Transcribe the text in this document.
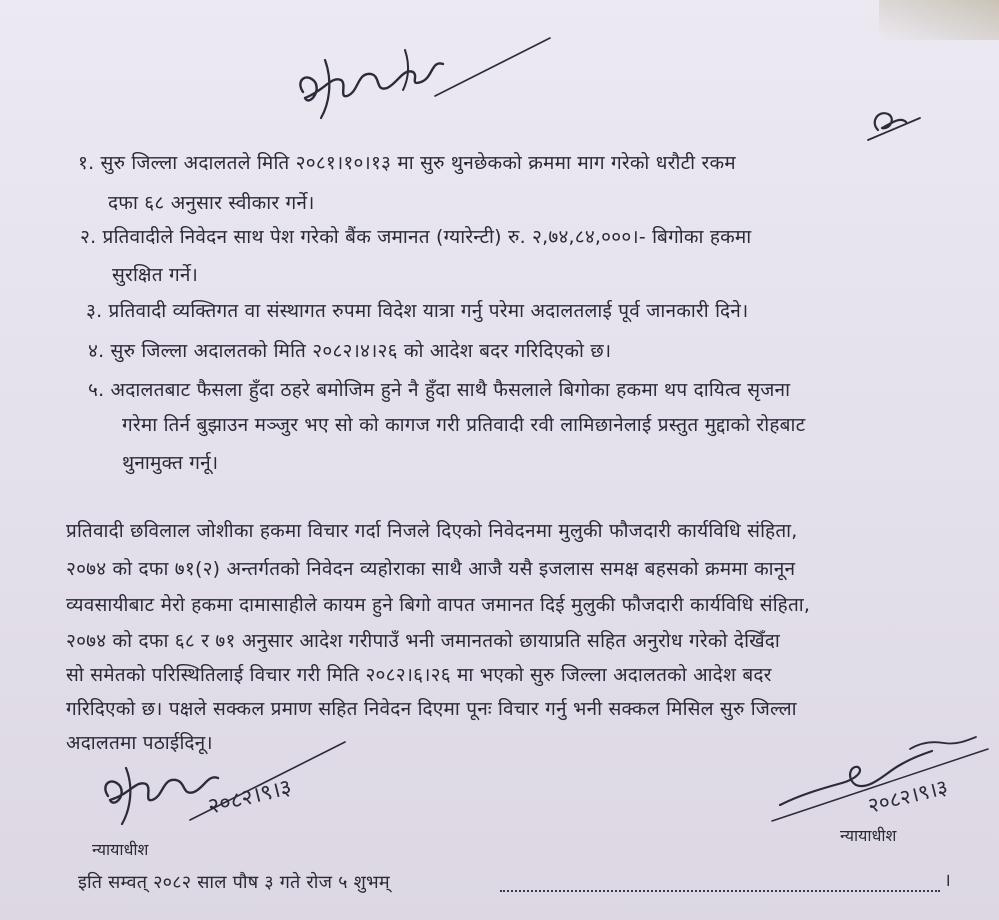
१. सुरु जिल्ला अदालतले मिति २०८१।१०।१३ मा सुरु थुनछेकको क्रममा माग गरेको धरौटी रकम
दफा ६८ अनुसार स्वीकार गर्ने।
२. प्रतिवादीले निवेदन साथ पेश गरेको बैंक जमानत (ग्यारेन्टी) रु. २,७४,८४,०००।- बिगोका हकमा
सुरक्षित गर्ने।
३. प्रतिवादी व्यक्तिगत वा संस्थागत रुपमा विदेश यात्रा गर्नु परेमा अदालतलाई पूर्व जानकारी दिने।
४. सुरु जिल्ला अदालतको मिति २०८२।४।२६ को आदेश बदर गरिदिएको छ।
५. अदालतबाट फैसला हुँदा ठहरे बमोजिम हुने नै हुँदा साथै फैसलाले बिगोका हकमा थप दायित्व सृजना
गरेमा तिर्न बुझाउन मञ्जुर भए सो को कागज गरी प्रतिवादी रवी लामिछानेलाई प्रस्तुत मुद्दाको रोहबाट
थुनामुक्त गर्नू।
प्रतिवादी छविलाल जोशीका हकमा विचार गर्दा निजले दिएको निवेदनमा मुलुकी फौजदारी कार्यविधि संहिता,
२०७४ को दफा ७१(२) अन्तर्गतको निवेदन व्यहोराका साथै आजै यसै इजलास समक्ष बहसको क्रममा कानून
व्यवसायीबाट मेरो हकमा दामासाहीले कायम हुने बिगो वापत जमानत दिई मुलुकी फौजदारी कार्यविधि संहिता,
२०७४ को दफा ६८ र ७१ अनुसार आदेश गरीपाउँ भनी जमानतको छायाप्रति सहित अनुरोध गरेको देखिँदा
सो समेतको परिस्थितिलाई विचार गरी मिति २०८२।६।२६ मा भएको सुरु जिल्ला अदालतको आदेश बदर
गरिदिएको छ। पक्षले सक्कल प्रमाण सहित निवेदन दिएमा पूनः विचार गर्नु भनी सक्कल मिसिल सुरु जिल्ला
अदालतमा पठाईदिनू।
२०८२।९।३
न्यायाधीश
२०८२।९।३
न्यायाधीश
इति सम्वत् २०८२ साल पौष ३ गते रोज ५ शुभम्	।
